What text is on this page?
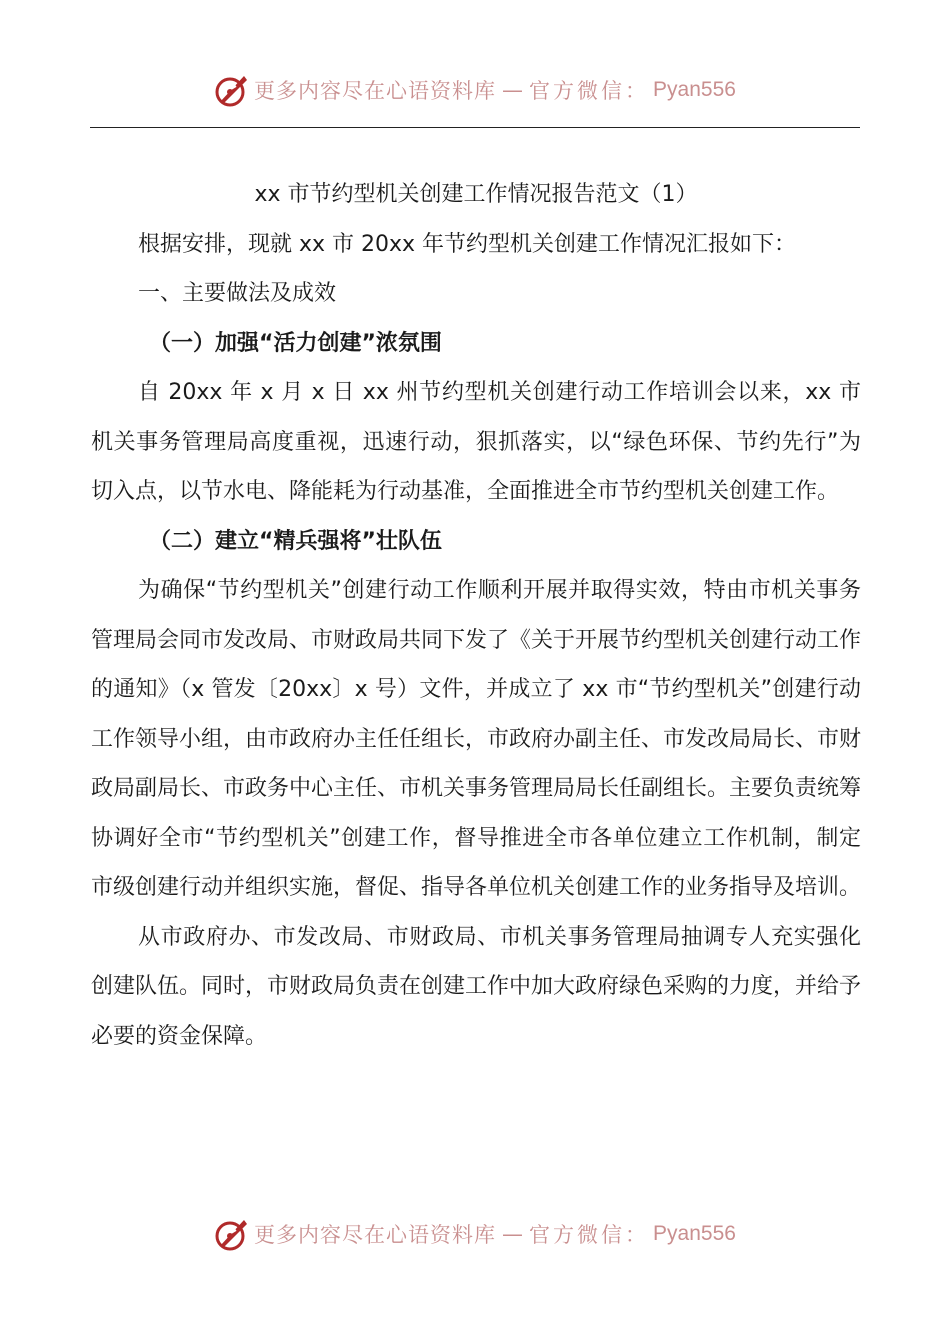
更多内容尽在心语资料库 — 官方微信： Pyan556

xx 市节约型机关创建工作情况报告范文（1）

根据安排，现就 xx 市 20xx 年节约型机关创建工作情况汇报如下：

一、主要做法及成效

（一）加强“活力创建”浓氛围

自 20xx 年 x 月 x 日 xx 州节约型机关创建行动工作培训会以来，xx 市机关事务管理局高度重视，迅速行动，狠抓落实，以“绿色环保、节约先行”为切入点，以节水电、降能耗为行动基准，全面推进全市节约型机关创建工作。

（二）建立“精兵强将”壮队伍

为确保“节约型机关”创建行动工作顺利开展并取得实效，特由市机关事务管理局会同市发改局、市财政局共同下发了《关于开展节约型机关创建行动工作的通知》（x 管发〔20xx〕x 号）文件，并成立了 xx 市“节约型机关”创建行动工作领导小组，由市政府办主任任组长，市政府办副主任、市发改局局长、市财政局副局长、市政务中心主任、市机关事务管理局局长任副组长。主要负责统筹协调好全市“节约型机关”创建工作，督导推进全市各单位建立工作机制，制定市级创建行动并组织实施，督促、指导各单位机关创建工作的业务指导及培训。

从市政府办、市发改局、市财政局、市机关事务管理局抽调专人充实强化创建队伍。同时，市财政局负责在创建工作中加大政府绿色采购的力度，并给予必要的资金保障。

更多内容尽在心语资料库 — 官方微信： Pyan556
